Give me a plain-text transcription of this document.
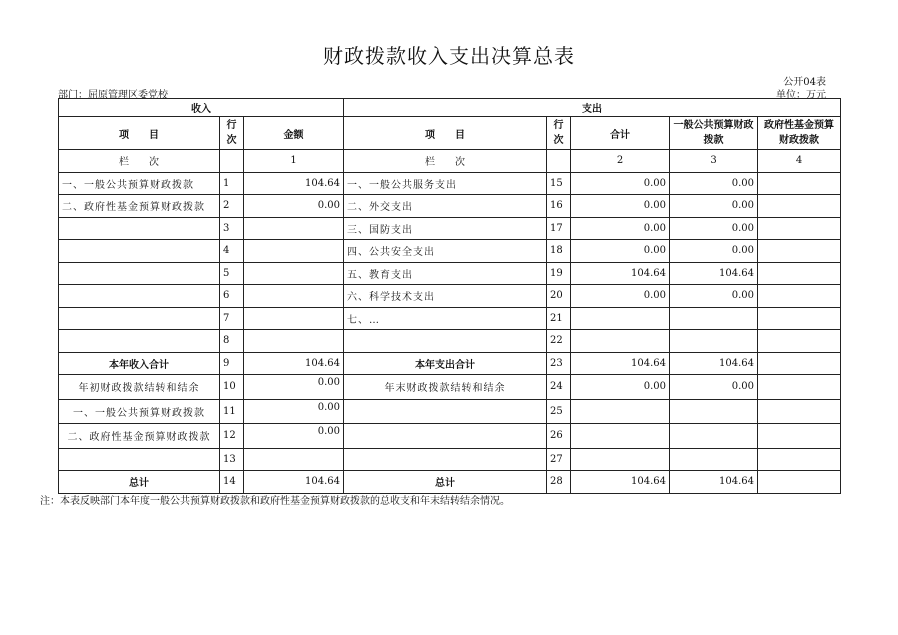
财政拨款收入支出决算总表
公开04表
部门：屈原管理区委党校	单位：万元
收入			支出				
项　　目	行次	金额	项　　目	行次	合计	一般公共预算财政拨款	政府性基金预算财政拨款
栏　　次		1	栏　　次		2	3	4
一、一般公共预算财政拨款	1	104.64	一、一般公共服务支出	15	0.00	0.00	
二、政府性基金预算财政拨款	2	0.00	二、外交支出	16	0.00	0.00	
	3		三、国防支出	17	0.00	0.00	
	4		四、公共安全支出	18	0.00	0.00	
	5		五、教育支出	19	104.64	104.64	
	6		六、科学技术支出	20	0.00	0.00	
	7		七、…	21			
	8			22			
本年收入合计	9	104.64	本年支出合计	23	104.64	104.64	
年初财政拨款结转和结余	10	0.00	年末财政拨款结转和结余	24	0.00	0.00	
一、一般公共预算财政拨款	11	0.00		25			
二、政府性基金预算财政拨款	12	0.00		26			
	13			27			
总计	14	104.64	总计	28	104.64	104.64	
注：本表反映部门本年度一般公共预算财政拨款和政府性基金预算财政拨款的总收支和年末结转结余情况。
